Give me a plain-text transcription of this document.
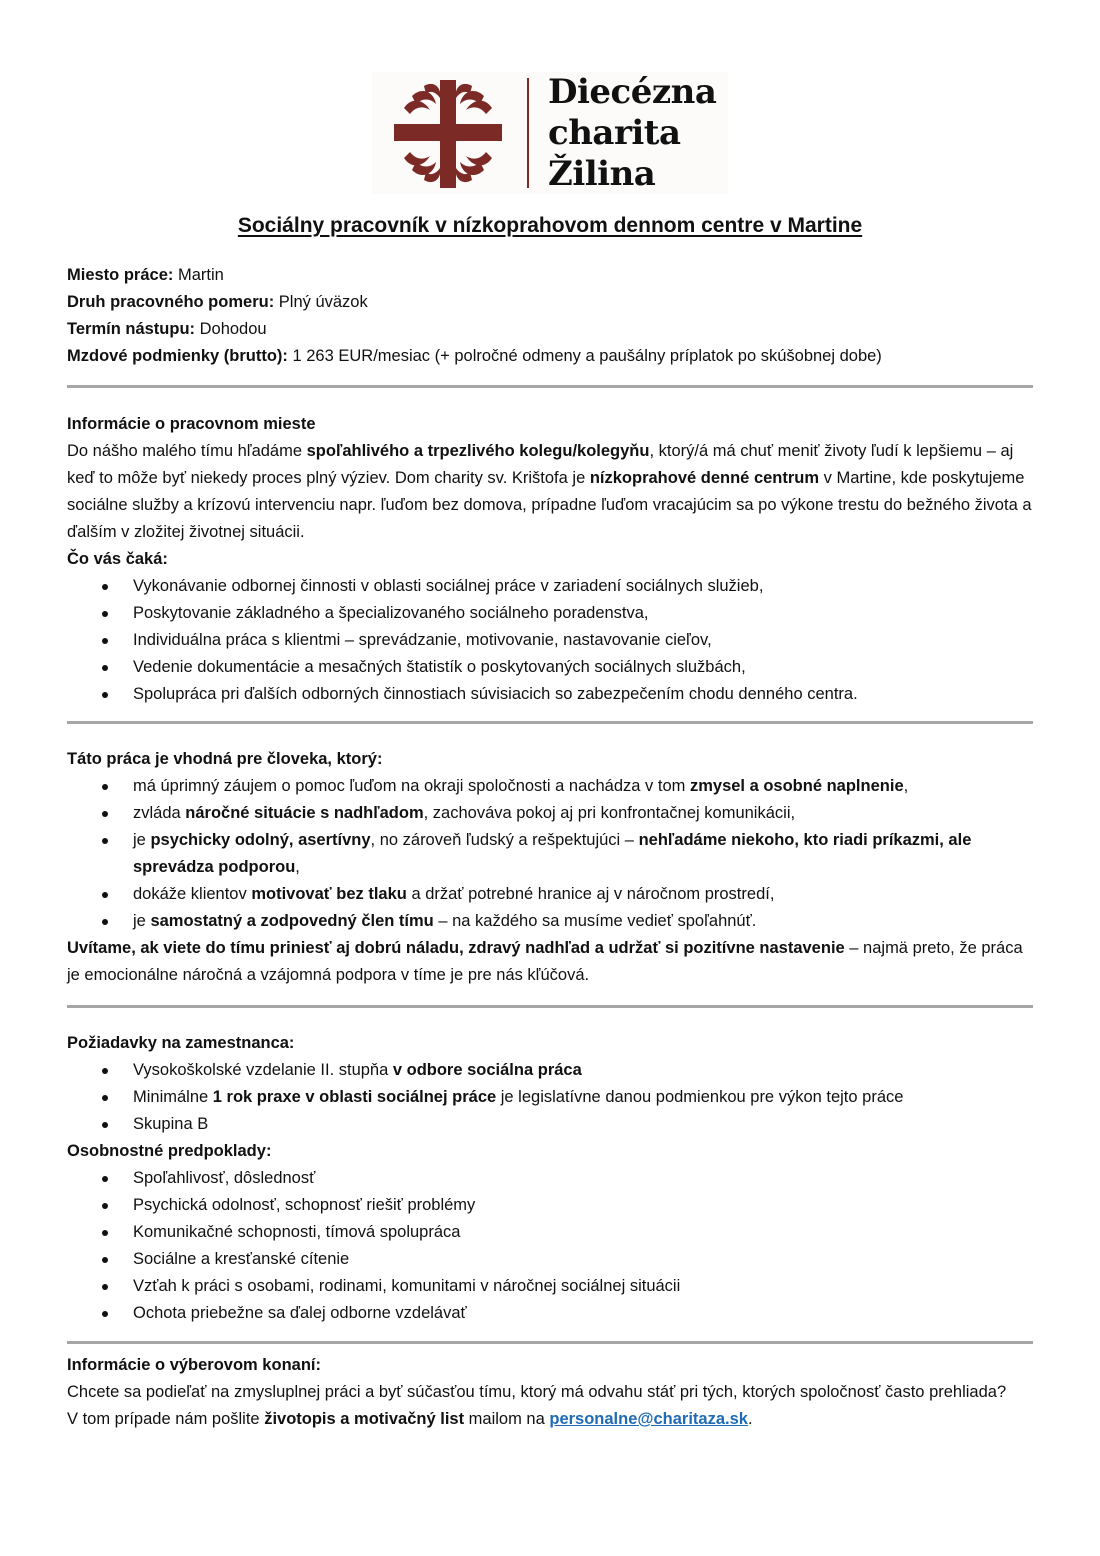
Diecézna
charita
Žilina
Sociálny pracovník v nízkoprahovom dennom centre v Martine
Miesto práce: Martin
Druh pracovného pomeru: Plný úväzok
Termín nástupu: Dohodou
Mzdové podmienky (brutto): 1 263 EUR/mesiac (+ polročné odmeny a paušálny príplatok po skúšobnej dobe)
Informácie o pracovnom mieste

Do nášho malého tímu hľadáme spoľahlivého a trpezlivého kolegu/kolegyňu, ktorý/á má chuť meniť životy ľudí k lepšiemu – aj keď to môže byť niekedy proces plný výziev. Dom charity sv. Krištofa je nízkoprahové denné centrum v Martine, kde poskytujeme sociálne služby a krízovú intervenciu napr. ľuďom bez domova, prípadne ľuďom vracajúcim sa po výkone trestu do bežného života a ďalším v zložitej životnej situácii.

Čo vás čaká:
Vykonávanie odbornej činnosti v oblasti sociálnej práce v zariadení sociálnych služieb,
Poskytovanie základného a špecializovaného sociálneho poradenstva,
Individuálna práca s klientmi – sprevádzanie, motivovanie, nastavovanie cieľov,
Vedenie dokumentácie a mesačných štatistík o poskytovaných sociálnych službách,
Spolupráca pri ďalších odborných činnostiach súvisiacich so zabezpečením chodu denného centra.
Táto práca je vhodná pre človeka, ktorý:
má úprimný záujem o pomoc ľuďom na okraji spoločnosti a nachádza v tom zmysel a osobné naplnenie,
zvláda náročné situácie s nadhľadom, zachováva pokoj aj pri konfrontačnej komunikácii,
je psychicky odolný, asertívny, no zároveň ľudský a rešpektujúci – nehľadáme niekoho, kto riadi príkazmi, ale sprevádza podporou,
dokáže klientov motivovať bez tlaku a držať potrebné hranice aj v náročnom prostredí,
je samostatný a zodpovedný člen tímu – na každého sa musíme vedieť spoľahnúť.

Uvítame, ak viete do tímu priniesť aj dobrú náladu, zdravý nadhľad a udržať si pozitívne nastavenie – najmä preto, že práca je emocionálne náročná a vzájomná podpora v tíme je pre nás kľúčová.

Požiadavky na zamestnanca:
Vysokoškolské vzdelanie II. stupňa v odbore sociálna práca
Minimálne 1 rok praxe v oblasti sociálnej práce je legislatívne danou podmienkou pre výkon tejto práce
Skupina B
Osobnostné predpoklady:
Spoľahlivosť, dôslednosť
Psychická odolnosť, schopnosť riešiť problémy
Komunikačné schopnosti, tímová spolupráca
Sociálne a kresťanské cítenie
Vzťah k práci s osobami, rodinami, komunitami v náročnej sociálnej situácii
Ochota priebežne sa ďalej odborne vzdelávať
Informácie o výberovom konaní:

Chcete sa podieľať na zmysluplnej práci a byť súčasťou tímu, ktorý má odvahu stáť pri tých, ktorých spoločnosť často prehliada?

V tom prípade nám pošlite životopis a motivačný list mailom na personalne@charitaza.sk.
